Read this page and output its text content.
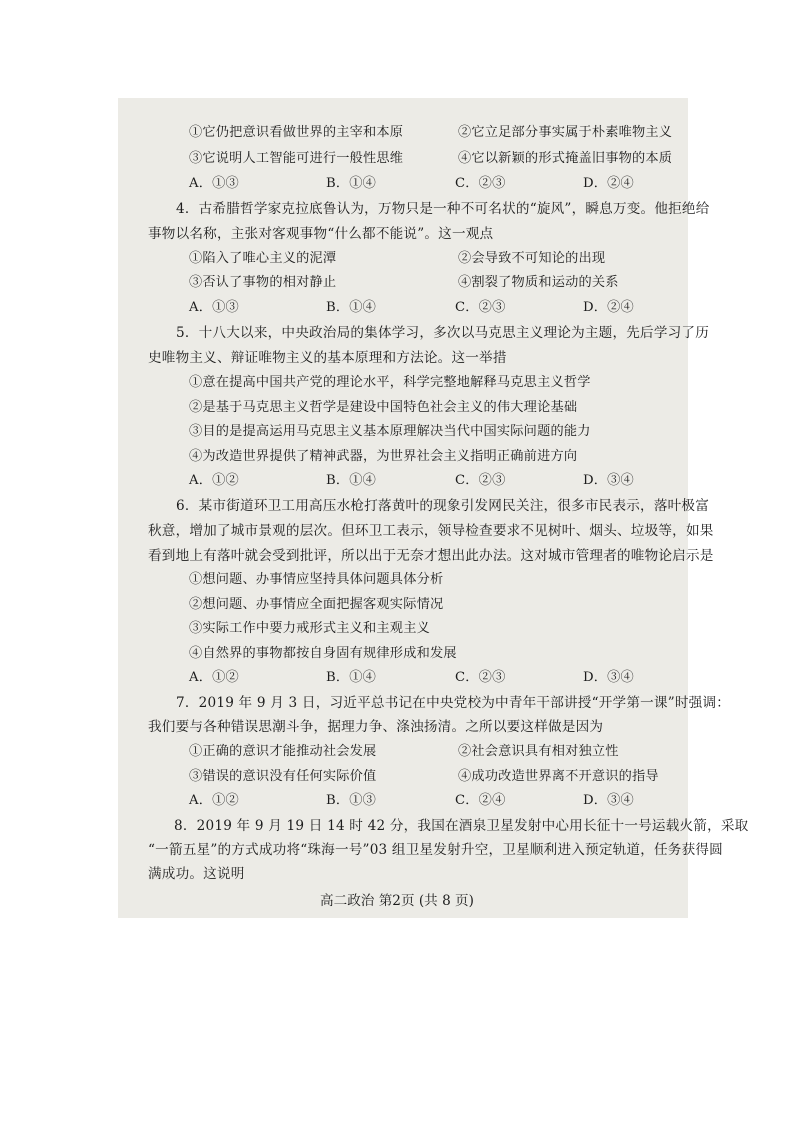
①它仍把意识看做世界的主宰和本原	②它立足部分事实属于朴素唯物主义
③它说明人工智能可进行一般性思维	④它以新颖的形式掩盖旧事物的本质
A．①③	B．①④	C．②③	D．②④
4．古希腊哲学家克拉底鲁认为，万物只是一种不可名状的“旋风”，瞬息万变。他拒绝给
事物以名称，主张对客观事物“什么都不能说”。这一观点
①陷入了唯心主义的泥潭	②会导致不可知论的出现
③否认了事物的相对静止	④割裂了物质和运动的关系
A．①③	B．①④	C．②③	D．②④
5．十八大以来，中央政治局的集体学习，多次以马克思主义理论为主题，先后学习了历
史唯物主义、辩证唯物主义的基本原理和方法论。这一举措
①意在提高中国共产党的理论水平，科学完整地解释马克思主义哲学
②是基于马克思主义哲学是建设中国特色社会主义的伟大理论基础
③目的是提高运用马克思主义基本原理解决当代中国实际问题的能力
④为改造世界提供了精神武器，为世界社会主义指明正确前进方向
A．①②	B．①④	C．②③	D．③④
6．某市街道环卫工用高压水枪打落黄叶的现象引发网民关注，很多市民表示，落叶极富
秋意，增加了城市景观的层次。但环卫工表示，领导检查要求不见树叶、烟头、垃圾等，如果
看到地上有落叶就会受到批评，所以出于无奈才想出此办法。这对城市管理者的唯物论启示是
①想问题、办事情应坚持具体问题具体分析
②想问题、办事情应全面把握客观实际情况
③实际工作中要力戒形式主义和主观主义
④自然界的事物都按自身固有规律形成和发展
A．①②	B．①④	C．②③	D．③④
7．2019 年 9 月 3 日，习近平总书记在中央党校为中青年干部讲授“开学第一课”时强调：
我们要与各种错误思潮斗争，据理力争、涤浊扬清。之所以要这样做是因为
①正确的意识才能推动社会发展	②社会意识具有相对独立性
③错误的意识没有任何实际价值	④成功改造世界离不开意识的指导
A．①②	B．①③	C．②④	D．③④
8．2019 年 9 月 19 日 14 时 42 分，我国在酒泉卫星发射中心用长征十一号运载火箭，采取
“一箭五星”的方式成功将“珠海一号”03 组卫星发射升空，卫星顺利进入预定轨道，任务获得圆
满成功。这说明
高二政治 第2页 (共 8 页)
